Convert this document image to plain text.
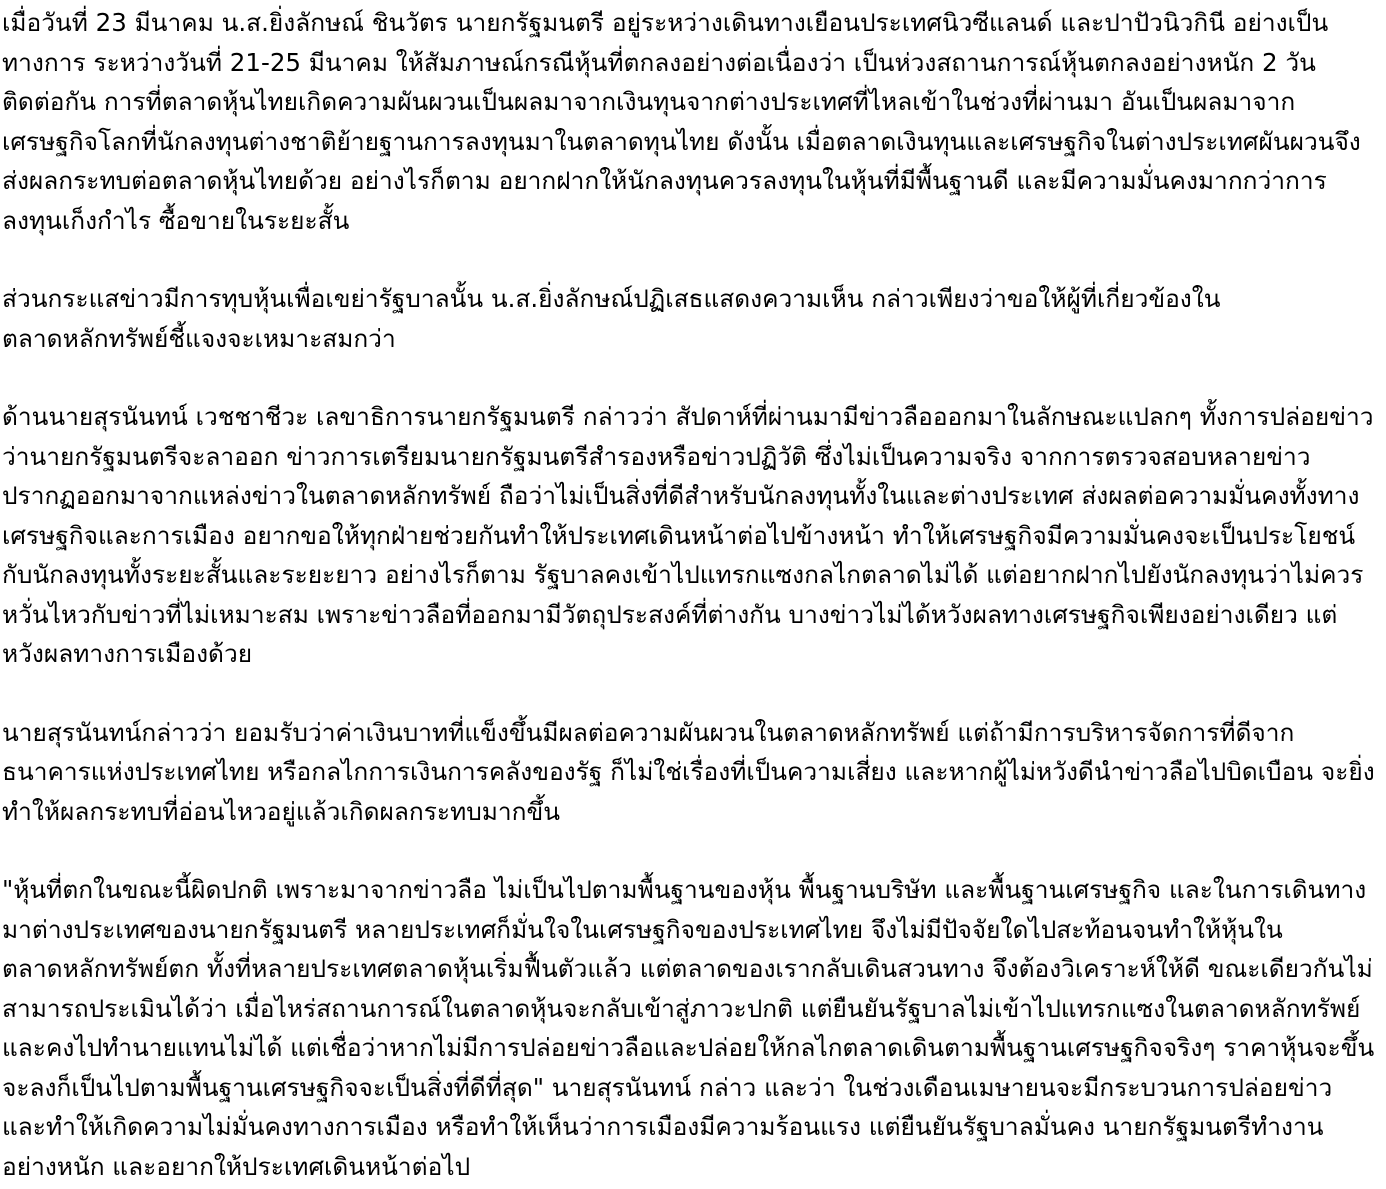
เมื่อวันที่ 23 มีนาคม น.ส.ยิ่งลักษณ์ ชินวัตร นายกรัฐมนตรี อยู่ระหว่างเดินทางเยือนประเทศนิวซีแลนด์ และปาปัวนิวกินี อย่างเป็นทางการ ระหว่างวันที่ 21-25 มีนาคม ให้สัมภาษณ์กรณีหุ้นที่ตกลงอย่างต่อเนื่องว่า เป็นห่วงสถานการณ์หุ้นตกลงอย่างหนัก 2 วันติดต่อกัน การที่ตลาดหุ้นไทยเกิดความผันผวนเป็นผลมาจากเงินทุนจากต่างประเทศที่ไหลเข้าในช่วงที่ผ่านมา อันเป็นผลมาจากเศรษฐกิจโลกที่นักลงทุนต่างชาติย้ายฐานการลงทุนมาในตลาดทุนไทย ดังนั้น เมื่อตลาดเงินทุนและเศรษฐกิจในต่างประเทศผันผวนจึงส่งผลกระทบต่อตลาดหุ้นไทยด้วย อย่างไรก็ตาม อยากฝากให้นักลงทุนควรลงทุนในหุ้นที่มีพื้นฐานดี และมีความมั่นคงมากกว่าการลงทุนเก็งกำไร ซื้อขายในระยะสั้น

ส่วนกระแสข่าวมีการทุบหุ้นเพื่อเขย่ารัฐบาลนั้น น.ส.ยิ่งลักษณ์ปฏิเสธแสดงความเห็น กล่าวเพียงว่าขอให้ผู้ที่เกี่ยวข้องในตลาดหลักทรัพย์ชี้แจงจะเหมาะสมกว่า

ด้านนายสุรนันทน์ เวชชาชีวะ เลขาธิการนายกรัฐมนตรี กล่าวว่า สัปดาห์ที่ผ่านมามีข่าวลือออกมาในลักษณะแปลกๆ ทั้งการปล่อยข่าวว่านายกรัฐมนตรีจะลาออก ข่าวการเตรียมนายกรัฐมนตรีสำรองหรือข่าวปฏิวัติ ซึ่งไม่เป็นความจริง จากการตรวจสอบหลายข่าวปรากฏออกมาจากแหล่งข่าวในตลาดหลักทรัพย์ ถือว่าไม่เป็นสิ่งที่ดีสำหรับนักลงทุนทั้งในและต่างประเทศ ส่งผลต่อความมั่นคงทั้งทางเศรษฐกิจและการเมือง อยากขอให้ทุกฝ่ายช่วยกันทำให้ประเทศเดินหน้าต่อไปข้างหน้า ทำให้เศรษฐกิจมีความมั่นคงจะเป็นประโยชน์กับนักลงทุนทั้งระยะสั้นและระยะยาว อย่างไรก็ตาม รัฐบาลคงเข้าไปแทรกแซงกลไกตลาดไม่ได้ แต่อยากฝากไปยังนักลงทุนว่าไม่ควรหวั่นไหวกับข่าวที่ไม่เหมาะสม เพราะข่าวลือที่ออกมามีวัตถุประสงค์ที่ต่างกัน บางข่าวไม่ได้หวังผลทางเศรษฐกิจเพียงอย่างเดียว แต่หวังผลทางการเมืองด้วย

นายสุรนันทน์กล่าวว่า ยอมรับว่าค่าเงินบาทที่แข็งขึ้นมีผลต่อความผันผวนในตลาดหลักทรัพย์ แต่ถ้ามีการบริหารจัดการที่ดีจากธนาคารแห่งประเทศไทย หรือกลไกการเงินการคลังของรัฐ ก็ไม่ใช่เรื่องที่เป็นความเสี่ยง และหากผู้ไม่หวังดีนำข่าวลือไปบิดเบือน จะยิ่งทำให้ผลกระทบที่อ่อนไหวอยู่แล้วเกิดผลกระทบมากขึ้น

"หุ้นที่ตกในขณะนี้ผิดปกติ เพราะมาจากข่าวลือ ไม่เป็นไปตามพื้นฐานของหุ้น พื้นฐานบริษัท และพื้นฐานเศรษฐกิจ และในการเดินทางมาต่างประเทศของนายกรัฐมนตรี หลายประเทศก็มั่นใจในเศรษฐกิจของประเทศไทย จึงไม่มีปัจจัยใดไปสะท้อนจนทำให้หุ้นในตลาดหลักทรัพย์ตก ทั้งที่หลายประเทศตลาดหุ้นเริ่มฟื้นตัวแล้ว แต่ตลาดของเรากลับเดินสวนทาง จึงต้องวิเคราะห์ให้ดี ขณะเดียวกันไม่สามารถประเมินได้ว่า เมื่อไหร่สถานการณ์ในตลาดหุ้นจะกลับเข้าสู่ภาวะปกติ แต่ยืนยันรัฐบาลไม่เข้าไปแทรกแซงในตลาดหลักทรัพย์ และคงไปทำนายแทนไม่ได้ แต่เชื่อว่าหากไม่มีการปล่อยข่าวลือและปล่อยให้กลไกตลาดเดินตามพื้นฐานเศรษฐกิจจริงๆ ราคาหุ้นจะขึ้นจะลงก็เป็นไปตามพื้นฐานเศรษฐกิจจะเป็นสิ่งที่ดีที่สุด" นายสุรนันทน์ กล่าว และว่า ในช่วงเดือนเมษายนจะมีกระบวนการปล่อยข่าว และทำให้เกิดความไม่มั่นคงทางการเมือง หรือทำให้เห็นว่าการเมืองมีความร้อนแรง แต่ยืนยันรัฐบาลมั่นคง นายกรัฐมนตรีทำงานอย่างหนัก และอยากให้ประเทศเดินหน้าต่อไป
